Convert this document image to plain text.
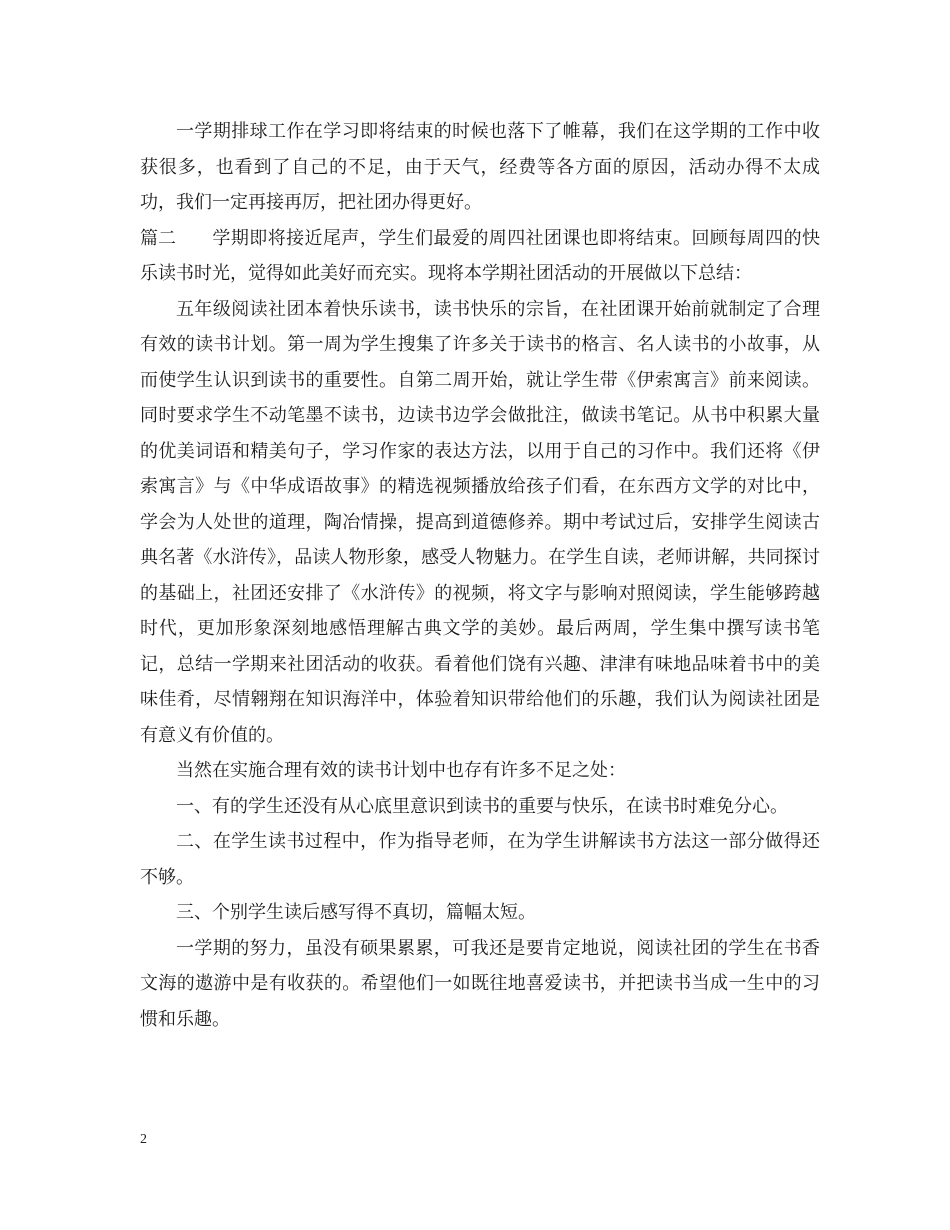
一学期排球工作在学习即将结束的时候也落下了帷幕，我们在这学期的工作中收获很多，也看到了自己的不足，由于天气，经费等各方面的原因，活动办得不太成功，我们一定再接再厉，把社团办得更好。

篇二 学期即将接近尾声，学生们最爱的周四社团课也即将结束。回顾每周四的快乐读书时光，觉得如此美好而充实。现将本学期社团活动的开展做以下总结：

五年级阅读社团本着快乐读书，读书快乐的宗旨，在社团课开始前就制定了合理有效的读书计划。第一周为学生搜集了许多关于读书的格言、名人读书的小故事，从而使学生认识到读书的重要性。自第二周开始，就让学生带《伊索寓言》前来阅读。同时要求学生不动笔墨不读书，边读书边学会做批注，做读书笔记。从书中积累大量的优美词语和精美句子，学习作家的表达方法，以用于自己的习作中。我们还将《伊索寓言》与《中华成语故事》的精选视频播放给孩子们看，在东西方文学的对比中，学会为人处世的道理，陶冶情操，提高到道德修养。期中考试过后，安排学生阅读古典名著《水浒传》，品读人物形象，感受人物魅力。在学生自读，老师讲解，共同探讨的基础上，社团还安排了《水浒传》的视频，将文字与影响对照阅读，学生能够跨越时代，更加形象深刻地感悟理解古典文学的美妙。最后两周，学生集中撰写读书笔记，总结一学期来社团活动的收获。看着他们饶有兴趣、津津有味地品味着书中的美味佳肴，尽情翱翔在知识海洋中，体验着知识带给他们的乐趣，我们认为阅读社团是有意义有价值的。

当然在实施合理有效的读书计划中也存有许多不足之处：

一、有的学生还没有从心底里意识到读书的重要与快乐，在读书时难免分心。

二、在学生读书过程中，作为指导老师，在为学生讲解读书方法这一部分做得还不够。

三、个别学生读后感写得不真切，篇幅太短。

一学期的努力，虽没有硕果累累，可我还是要肯定地说，阅读社团的学生在书香文海的遨游中是有收获的。希望他们一如既往地喜爱读书，并把读书当成一生中的习惯和乐趣。

2
